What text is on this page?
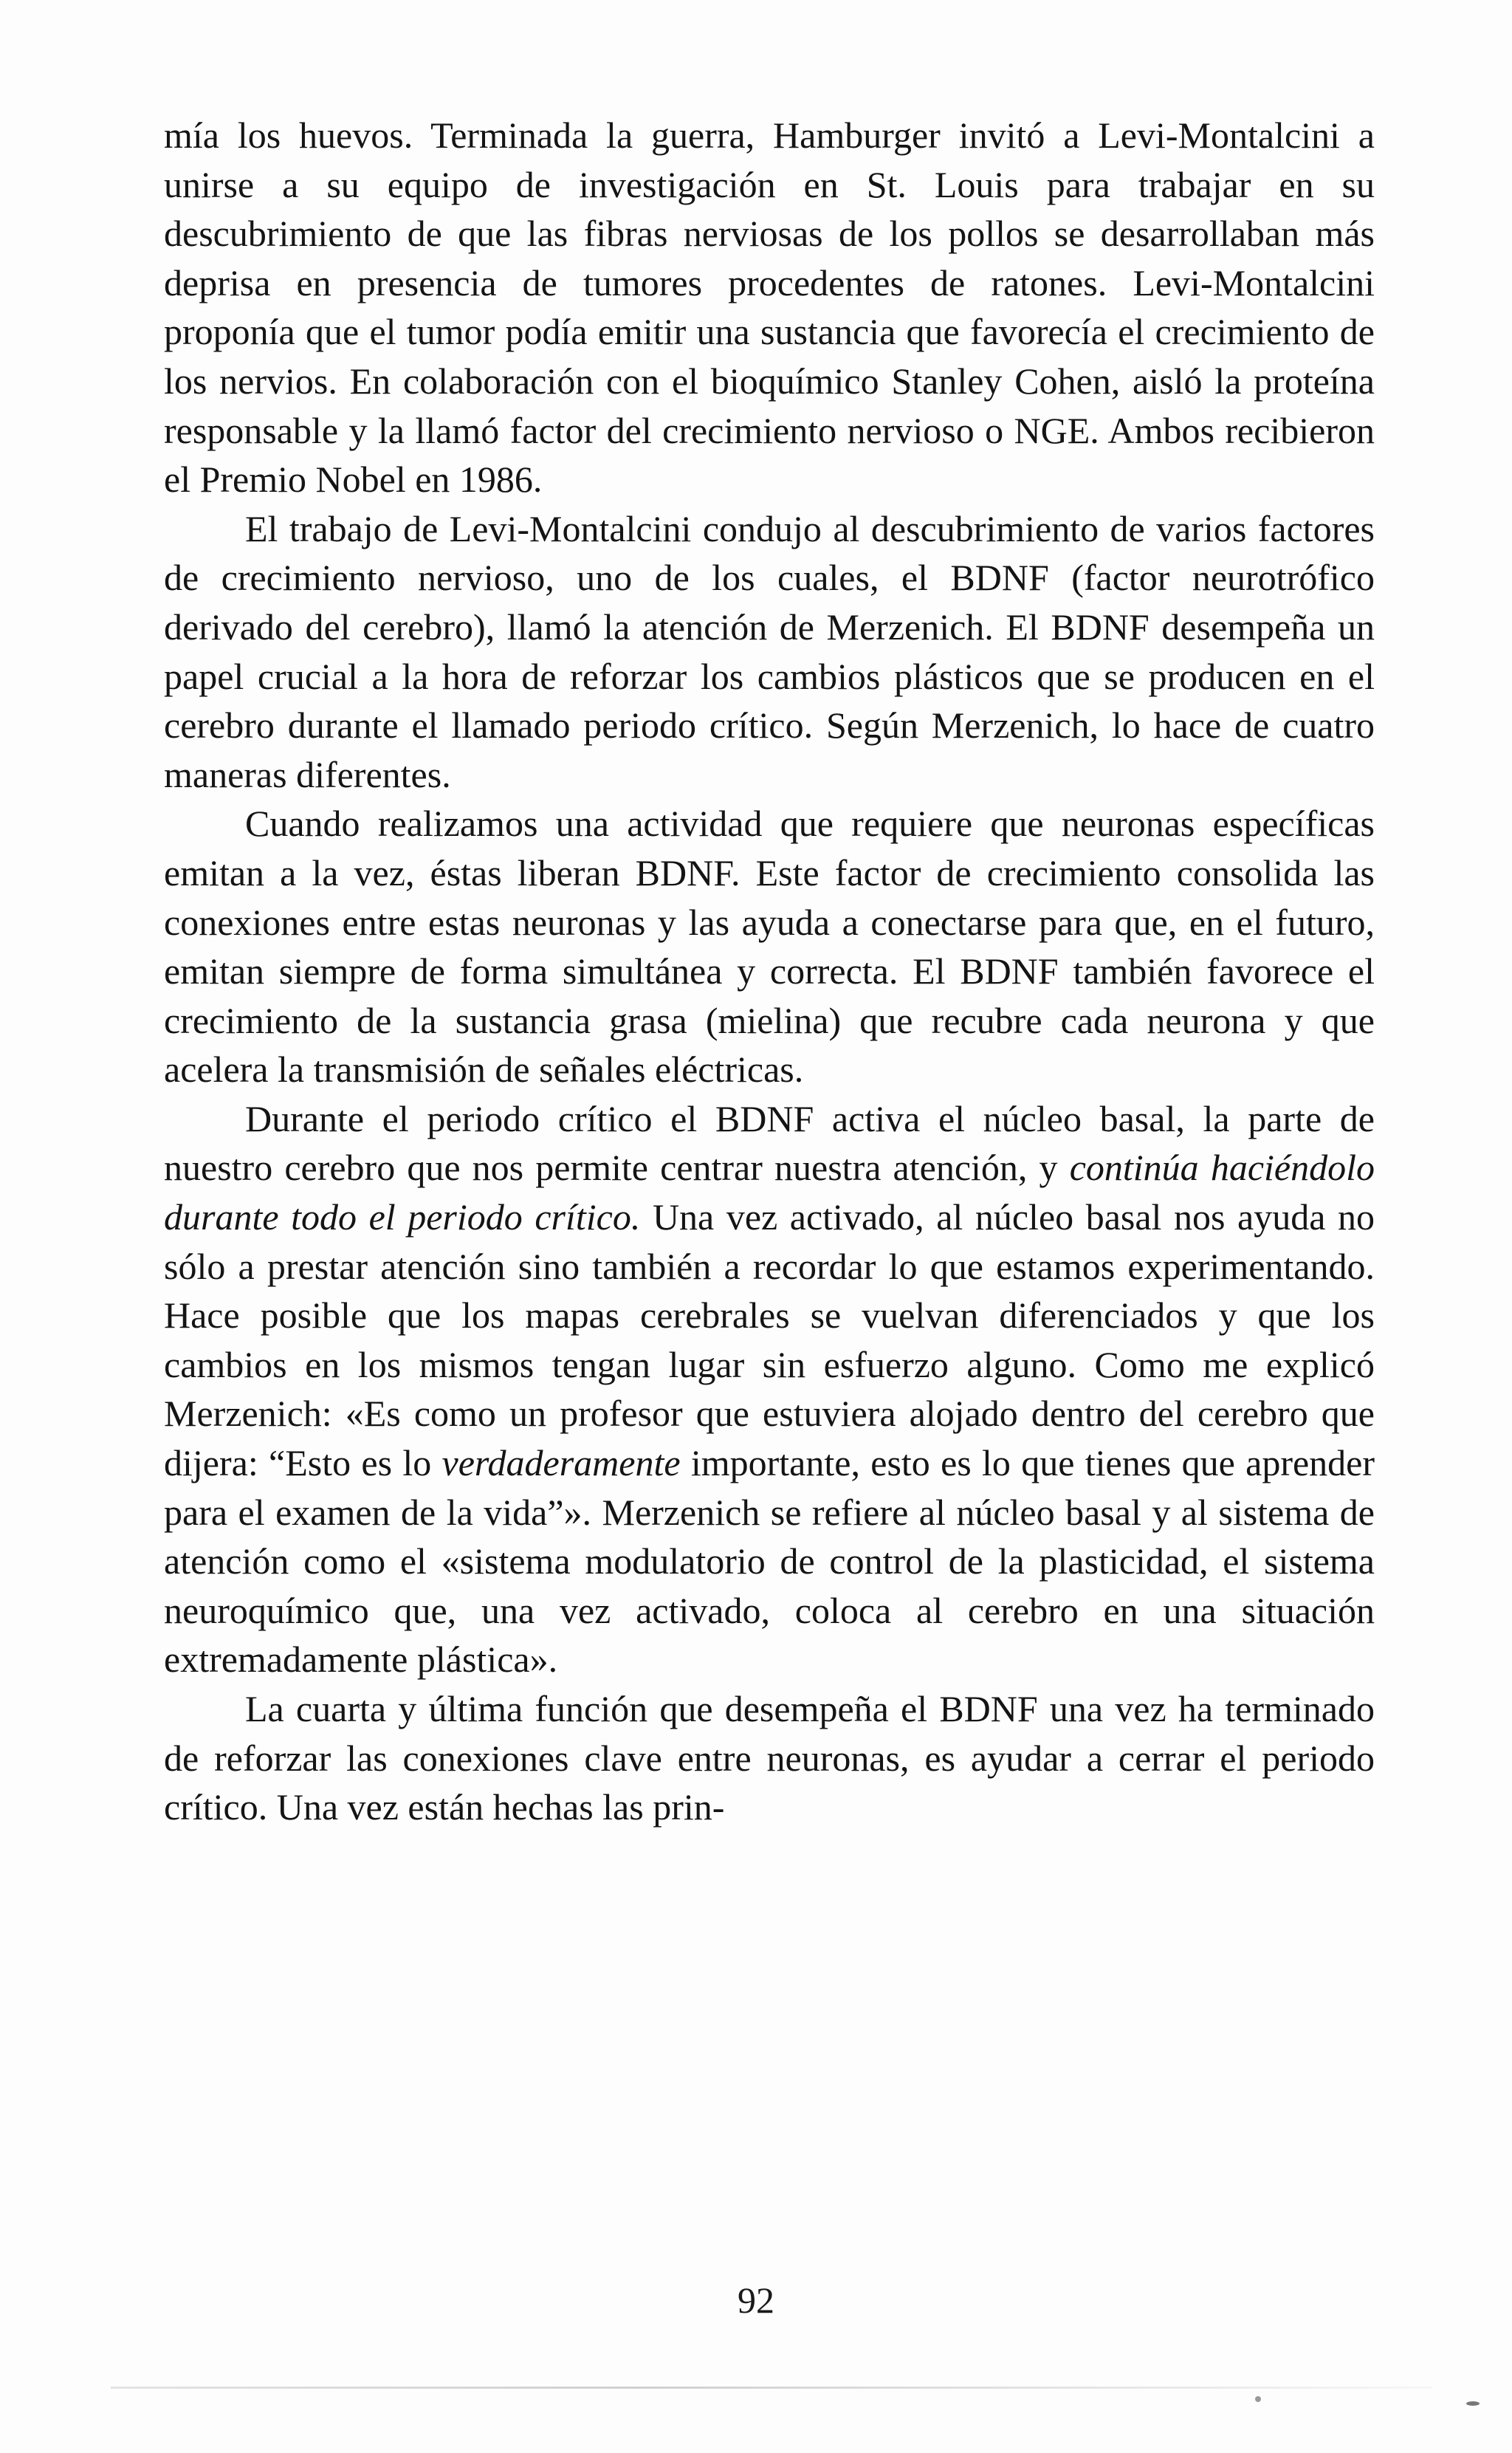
mía los huevos. Terminada la guerra, Hamburger invitó a Levi-Montalcini a unirse a su equipo de investigación en St. Louis para trabajar en su descubrimiento de que las fibras nerviosas de los pollos se desarrollaban más deprisa en presencia de tumores procedentes de ratones. Levi-Montalcini proponía que el tumor podía emitir una sustancia que favorecía el crecimiento de los nervios. En colaboración con el bioquímico Stanley Cohen, aisló la proteína responsable y la llamó factor del crecimiento nervioso o NGE. Ambos recibieron el Premio Nobel en 1986.

El trabajo de Levi-Montalcini condujo al descubrimiento de varios factores de crecimiento nervioso, uno de los cuales, el BDNF (factor neurotrófico derivado del cerebro), llamó la atención de Merzenich. El BDNF desempeña un papel crucial a la hora de reforzar los cambios plásticos que se producen en el cerebro durante el llamado periodo crítico. Según Merzenich, lo hace de cuatro maneras diferentes.

Cuando realizamos una actividad que requiere que neuronas específicas emitan a la vez, éstas liberan BDNF. Este factor de crecimiento consolida las conexiones entre estas neuronas y las ayuda a conectarse para que, en el futuro, emitan siempre de forma simultánea y correcta. El BDNF también favorece el crecimiento de la sustancia grasa (mielina) que recubre cada neurona y que acelera la transmisión de señales eléctricas.

Durante el periodo crítico el BDNF activa el núcleo basal, la parte de nuestro cerebro que nos permite centrar nuestra atención, y continúa haciéndolo durante todo el periodo crítico. Una vez activado, al núcleo basal nos ayuda no sólo a prestar atención sino también a recordar lo que estamos experimentando. Hace posible que los mapas cerebrales se vuelvan diferenciados y que los cambios en los mismos tengan lugar sin esfuerzo alguno. Como me explicó Merzenich: «Es como un profesor que estuviera alojado dentro del cerebro que dijera: “Esto es lo verdaderamente importante, esto es lo que tienes que aprender para el examen de la vida”». Merzenich se refiere al núcleo basal y al sistema de atención como el «sistema modulatorio de control de la plasticidad, el sistema neuroquímico que, una vez activado, coloca al cerebro en una situación extremadamente plástica».

La cuarta y última función que desempeña el BDNF una vez ha terminado de reforzar las conexiones clave entre neuronas, es ayudar a cerrar el periodo crítico. Una vez están hechas las prin-

92
